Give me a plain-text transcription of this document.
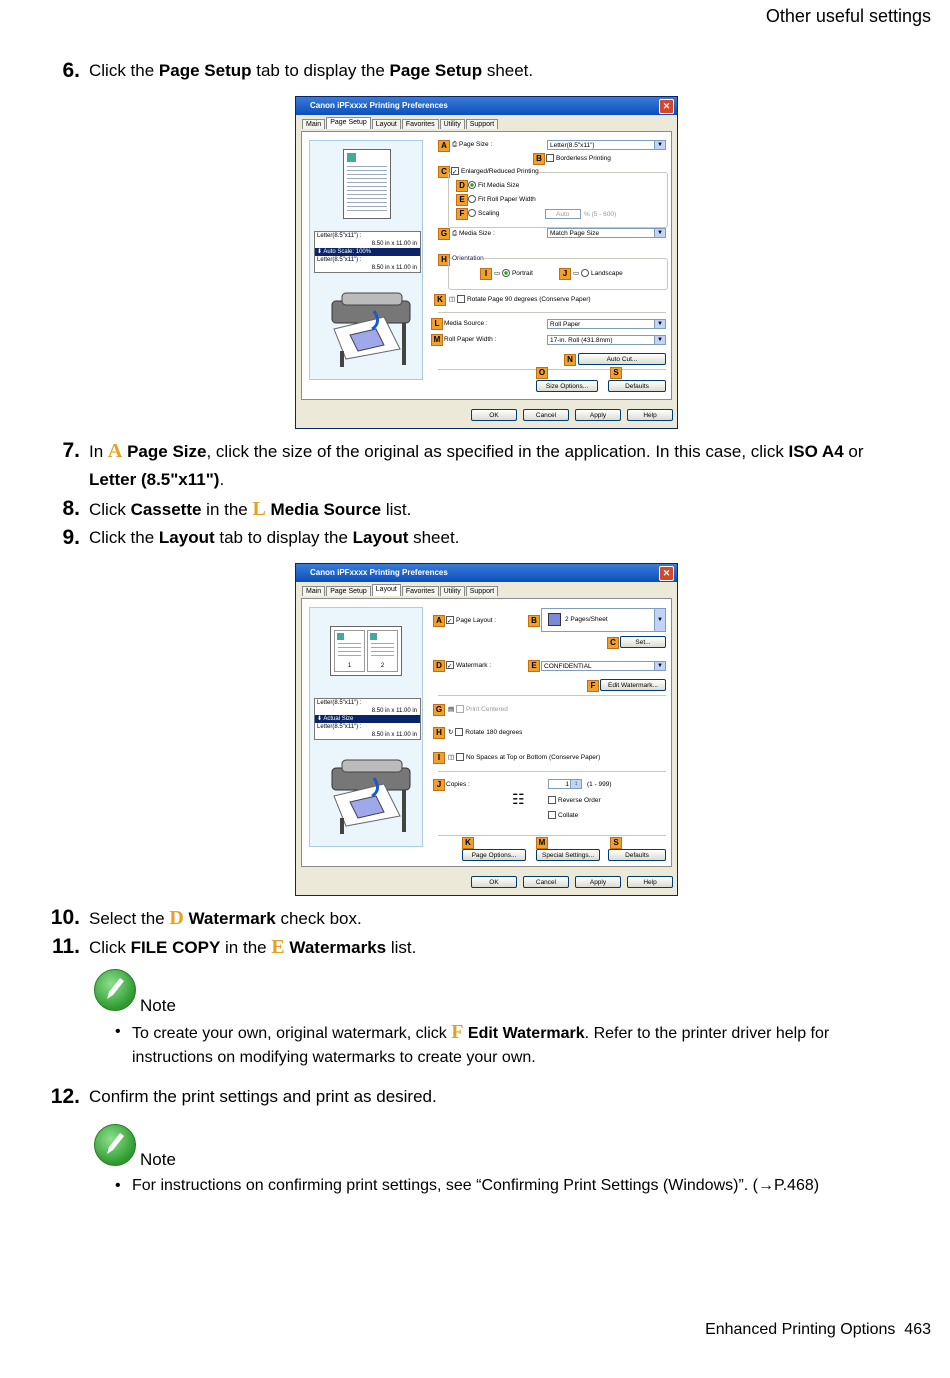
Other useful settings
6. Click the Page Setup tab to display the Page Setup sheet.
Canon iPFxxxx Printing Preferences	✕
Main Page Setup Layout Favorites Utility Support
Letter(8.5"x11") :
8.50 in x 11.00 in
⬇ Auto Scale: 100%
Letter(8.5"x11") :
8.50 in x 11.00 in
A ⎙ Page Size :	Letter(8.5"x11")	▼
B	Borderless Printing
C ✓ Enlarged/Reduced Printing
D	Fit Media Size
E	Fit Roll Paper Width
F	Scaling	Auto	% (5 - 600)
G ⎙ Media Size :	Match Page Size	▼
H Orientation
I	▭ Portrait	J ▭ Landscape
K ◫ Rotate Page 90 degrees (Conserve Paper)
L Media Source :	Roll Paper	▼
M Roll Paper Width :	17-in. Roll (431.8mm)	▼
N	Auto Cut...
O	S
Size Options...	Defaults
OK	Cancel	Apply	Help
7. In A Page Size, click the size of the original as specified in the application. In this case, click ISO A4 or Letter (8.5"x11").
8. Click Cassette in the L Media Source list.
9. Click the Layout tab to display the Layout sheet.
Canon iPFxxxx Printing Preferences	✕
Main Page Setup Layout Favorites Utility Support
1	2
Letter(8.5"x11") :
8.50 in x 11.00 in
⬇ Actual Size
Letter(8.5"x11") :
8.50 in x 11.00 in
A ✓ Page Layout :	B	2 Pages/Sheet	▼
C	Set...
D ✓ Watermark :	E	CONFIDENTIAL	▼
F	Edit Watermark...
G ▤ Print Centered
H ↻ Rotate 180 degrees
I	◫ No Spaces at Top or Bottom (Conserve Paper)
J Copies :	1 ↕	(1 - 999)
☷	Reverse Order
Collate
K	M	S
Page Options...	Special Settings...	Defaults
OK	Cancel	Apply	Help
10. Select the D Watermark check box.
11. Click FILE COPY in the E Watermarks list.
Note
• To create your own, original watermark, click F Edit Watermark. Refer to the printer driver help for instructions on modifying watermarks to create your own.
12. Confirm the print settings and print as desired.
Note
• For instructions on confirming print settings, see “Confirming Print Settings (Windows)”. (→P.468)
Enhanced Printing Options 463
